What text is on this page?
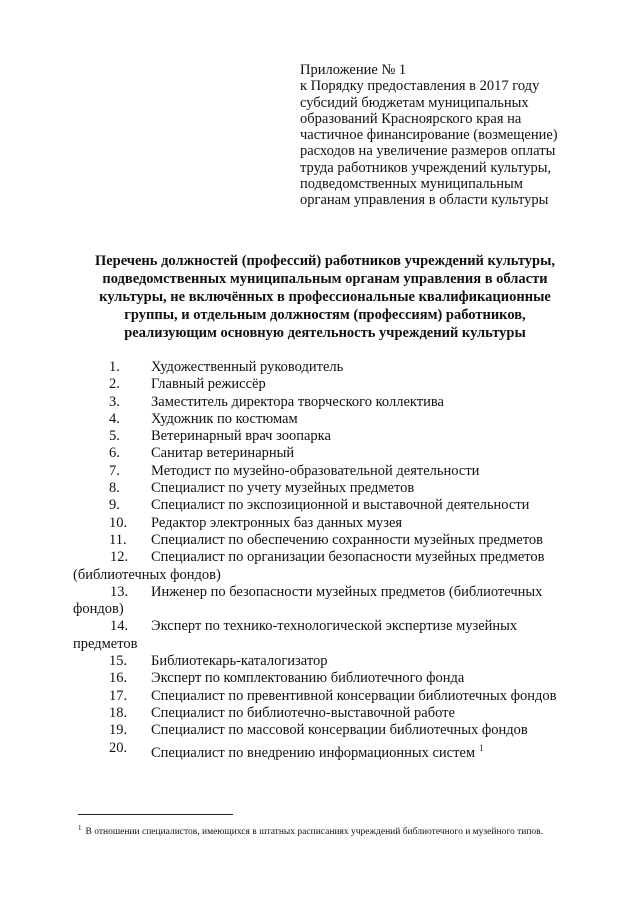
Приложение № 1
к Порядку предоставления в 2017 году
субсидий бюджетам муниципальных
образований Красноярского края на
частичное финансирование (возмещение)
расходов на увеличение размеров оплаты
труда работников учреждений культуры,
подведомственных муниципальным
органам управления в области культуры
Перечень должностей (профессий) работников учреждений культуры,
подведомственных муниципальным органам управления в области
культуры, не включённых в профессиональные квалификационные
группы, и отдельным должностям (профессиям) работников,
реализующим основную деятельность учреждений культуры
1. Художественный руководитель
2. Главный режиссёр
3. Заместитель директора творческого коллектива
4. Художник по костюмам
5. Ветеринарный врач зоопарка
6. Санитар ветеринарный
7. Методист по музейно-образовательной деятельности
8. Специалист по учету музейных предметов
9. Специалист по экспозиционной и выставочной деятельности
10. Редактор электронных баз данных музея
11. Специалист по обеспечению сохранности музейных предметов
12. Специалист по организации безопасности музейных предметов
(библиотечных фондов)
13. Инженер по безопасности музейных предметов (библиотечных
фондов)
14. Эксперт по технико-технологической экспертизе музейных
предметов
15. Библиотекарь-каталогизатор
16. Эксперт по комплектованию библиотечного фонда
17. Специалист по превентивной консервации библиотечных фондов
18. Специалист по библиотечно-выставочной работе
19. Специалист по массовой консервации библиотечных фондов
20. Специалист по внедрению информационных систем $^1$
$^1$ В отношении специалистов, имеющихся в штатных расписаниях учреждений библиотечного и музейного типов.
